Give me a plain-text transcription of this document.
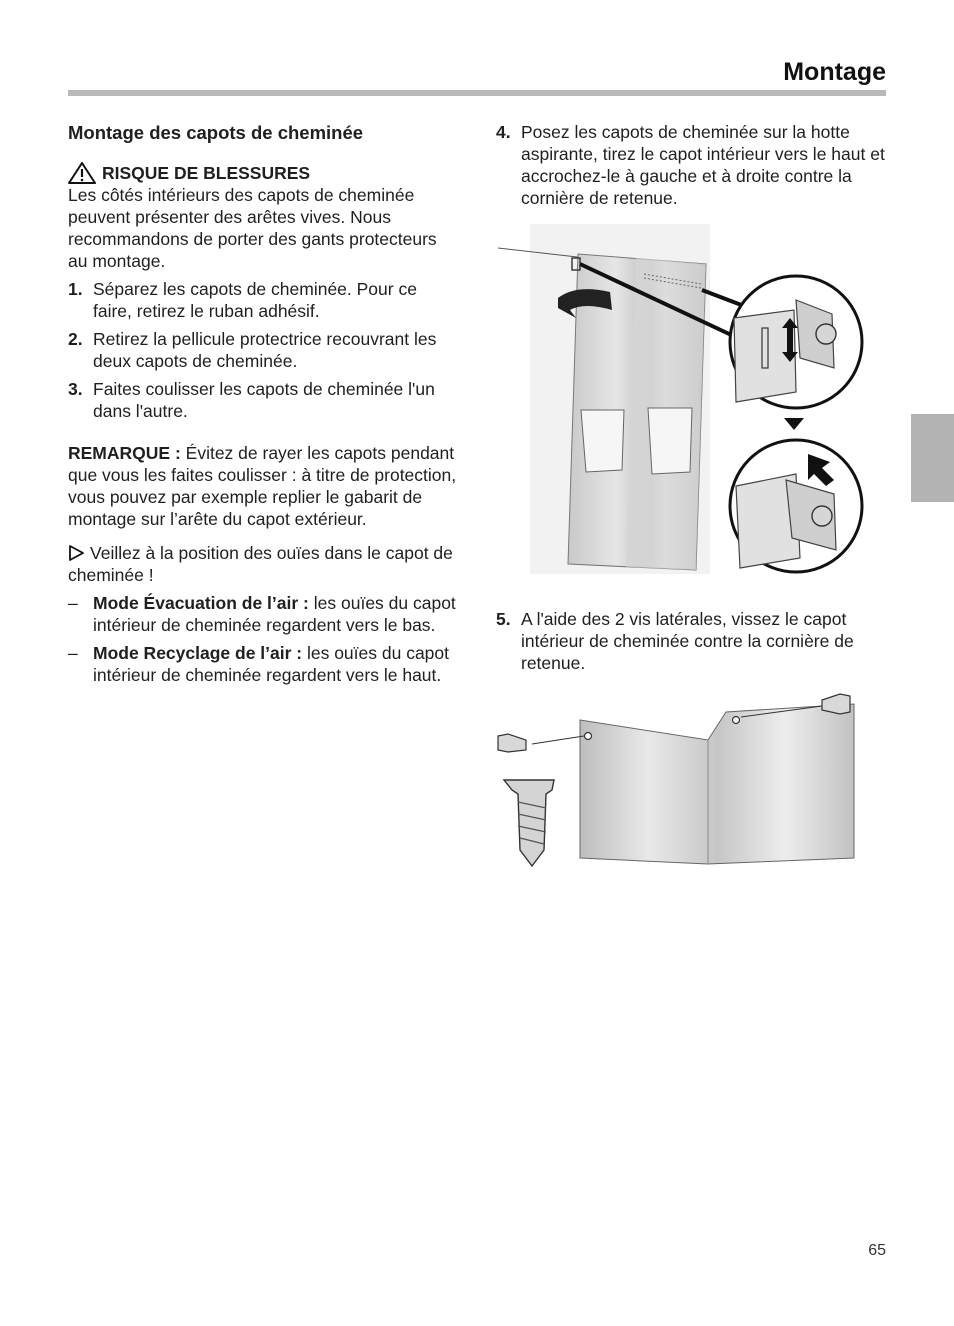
Montage
Montage des capots de cheminée
RISQUE DE BLESSURES

Les côtés intérieurs des capots de cheminée peuvent présenter des arêtes vives. Nous recommandons de porter des gants protecteurs au montage.

1. Séparez les capots de cheminée. Pour ce faire, retirez le ruban adhésif.
2. Retirez la pellicule protectrice recouvrant les deux capots de cheminée.
3. Faites coulisser les capots de cheminée l'un dans l'autre.

REMARQUE : Évitez de rayer les capots pendant que vous les faites coulisser : à titre de protection, vous pouvez par exemple replier le gabarit de montage sur l’arête du capot extérieur.

Veillez à la position des ouïes dans le capot de cheminée !

– Mode Évacuation de l’air : les ouïes du capot intérieur de cheminée regardent vers le bas.
– Mode Recyclage de l’air : les ouïes du capot intérieur de cheminée regardent vers le haut.
4. Posez les capots de cheminée sur la hotte aspirante, tirez le capot intérieur vers le haut et accrochez-le à gauche et à droite contre la cornière de retenue.
5. A l'aide des 2 vis latérales, vissez le capot intérieur de cheminée contre la cornière de retenue.
65
